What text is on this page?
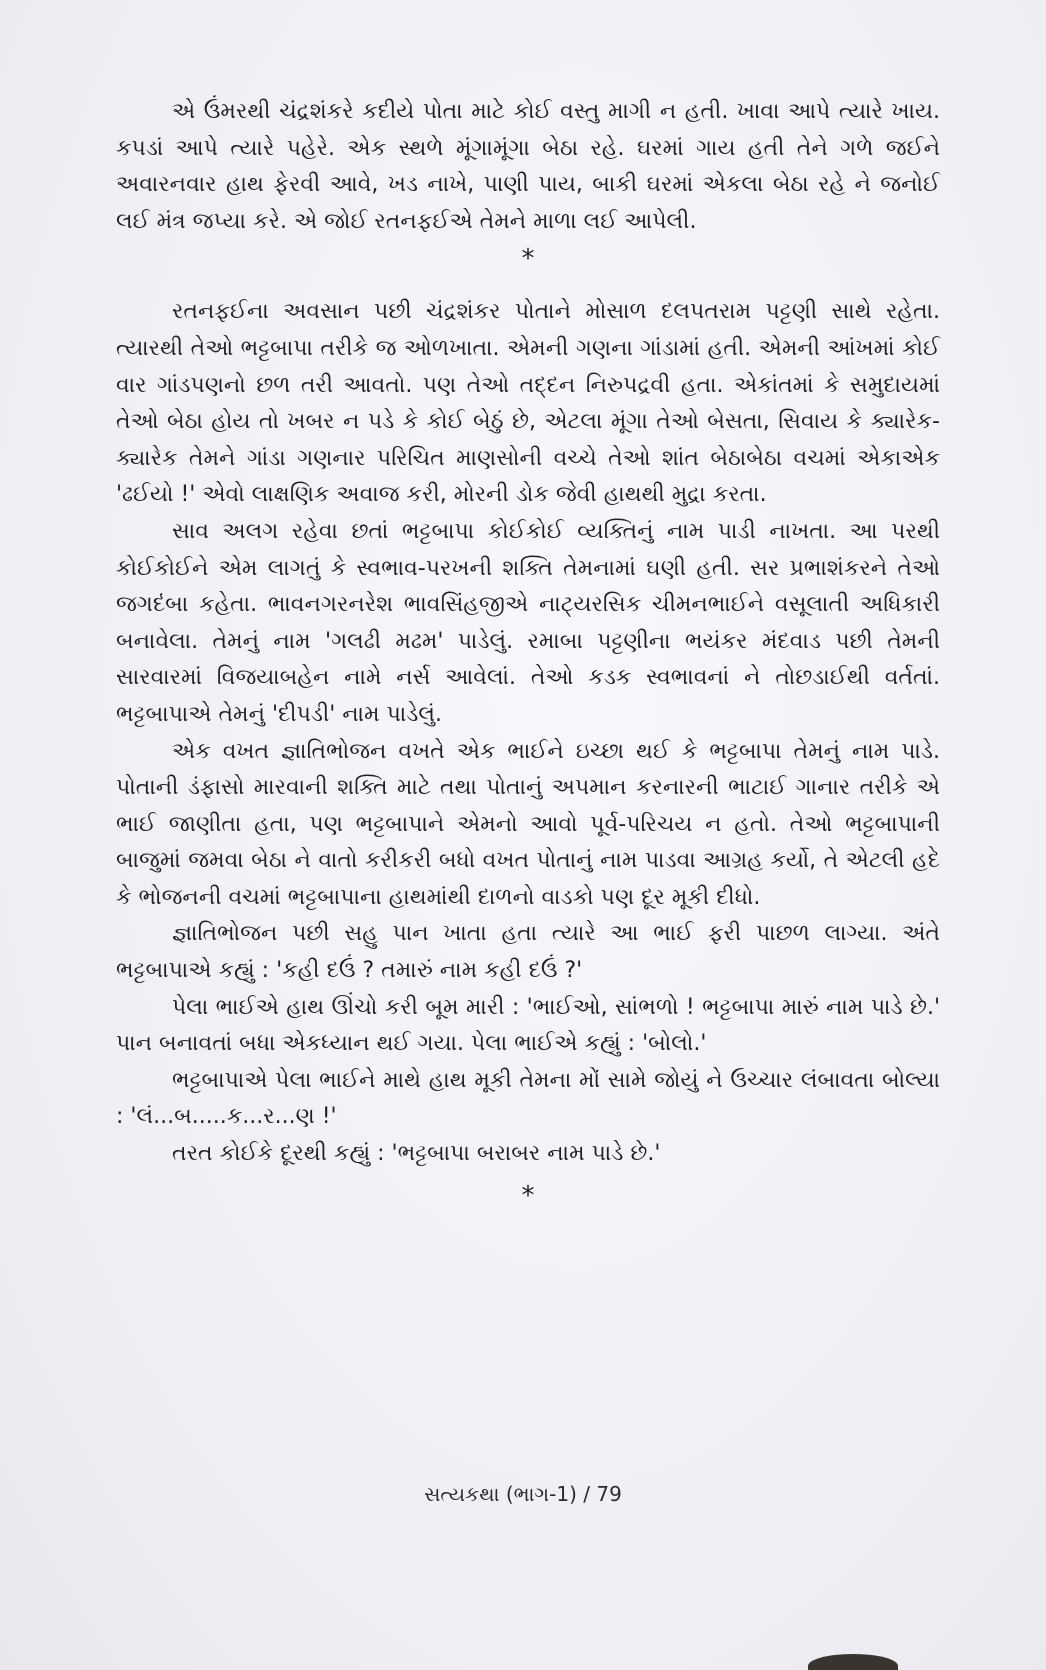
એ ઉંમરથી ચંદ્રશંકરે કદીયે પોતા માટે કોઈ વસ્તુ માગી ન હતી. ખાવા આપે ત્યારે ખાય. કપડાં આપે ત્યારે પહેરે. એક સ્થળે મૂંગામૂંગા બેઠા રહે. ઘરમાં ગાય હતી તેને ગળે જઈને અવારનવાર હાથ ફેરવી આવે, ખડ નાખે, પાણી પાય, બાકી ઘરમાં એકલા બેઠા રહે ને જનોઈ લઈ મંત્ર જપ્યા કરે. એ જોઈ રતનફઈએ તેમને માળા લઈ આપેલી.

*

રતનફઈના અવસાન પછી ચંદ્રશંકર પોતાને મોસાળ દલપતરામ પટ્ટણી સાથે રહેતા. ત્યારથી તેઓ ભટ્ટબાપા તરીકે જ ઓળખાતા. એમની ગણના ગાંડામાં હતી. એમની આંખમાં કોઈ વાર ગાંડપણનો છળ તરી આવતો. પણ તેઓ તદ્દન નિરુપદ્રવી હતા. એકાંતમાં કે સમુદાયમાં તેઓ બેઠા હોય તો ખબર ન પડે કે કોઈ બેઠું છે, એટલા મૂંગા તેઓ બેસતા, સિવાય કે ક્યારેક-ક્યારેક તેમને ગાંડા ગણનાર પરિચિત માણસોની વચ્ચે તેઓ શાંત બેઠાબેઠા વચમાં એકાએક 'ઢઈયો !' એવો લાક્ષણિક અવાજ કરી, મોરની ડોક જેવી હાથથી મુદ્રા કરતા.

સાવ અલગ રહેવા છતાં ભટ્ટબાપા કોઈકોઈ વ્યક્તિનું નામ પાડી નાખતા. આ પરથી કોઈકોઈને એમ લાગતું કે સ્વભાવ-પરખની શક્તિ તેમનામાં ઘણી હતી. સર પ્રભાશંકરને તેઓ જગદંબા કહેતા. ભાવનગરનરેશ ભાવસિંહજીએ નાટ્યરસિક ચીમનભાઈને વસૂલાતી અધિકારી બનાવેલા. તેમનું નામ 'ગલઢી મઢમ' પાડેલું. રમાબા પટ્ટણીના ભયંકર મંદવાડ પછી તેમની સારવારમાં વિજયાબહેન નામે નર્સ આવેલાં. તેઓ કડક સ્વભાવનાં ને તોછડાઈથી વર્તતાં. ભટ્ટબાપાએ તેમનું 'દીપડી' નામ પાડેલું.

એક વખત જ્ઞાતિભોજન વખતે એક ભાઈને ઇચ્છા થઈ કે ભટ્ટબાપા તેમનું નામ પાડે. પોતાની ડંફાસો મારવાની શક્તિ માટે તથા પોતાનું અપમાન કરનારની ભાટાઈ ગાનાર તરીકે એ ભાઈ જાણીતા હતા, પણ ભટ્ટબાપાને એમનો આવો પૂર્વ-પરિચય ન હતો. તેઓ ભટ્ટબાપાની બાજુમાં જમવા બેઠા ને વાતો કરીકરી બધો વખત પોતાનું નામ પાડવા આગ્રહ કર્યો, તે એટલી હદે કે ભોજનની વચમાં ભટ્ટબાપાના હાથમાંથી દાળનો વાડકો પણ દૂર મૂકી દીધો.

જ્ઞાતિભોજન પછી સહુ પાન ખાતા હતા ત્યારે આ ભાઈ ફરી પાછળ લાગ્યા. અંતે ભટ્ટબાપાએ કહ્યું : 'કહી દઉં ? તમારું નામ કહી દઉં ?'

પેલા ભાઈએ હાથ ઊંચો કરી બૂમ મારી : 'ભાઈઓ, સાંભળો ! ભટ્ટબાપા મારું નામ પાડે છે.' પાન બનાવતાં બધા એકધ્યાન થઈ ગયા. પેલા ભાઈએ કહ્યું : 'બોલો.'

ભટ્ટબાપાએ પેલા ભાઈને માથે હાથ મૂકી તેમના મોં સામે જોયું ને ઉચ્ચાર લંબાવતા બોલ્યા : 'લં...બ.....ક...ર...ણ !'

તરત કોઈકે દૂરથી કહ્યું : 'ભટ્ટબાપા બરાબર નામ પાડે છે.'

*
સત્યકથા (ભાગ-1) / 79
